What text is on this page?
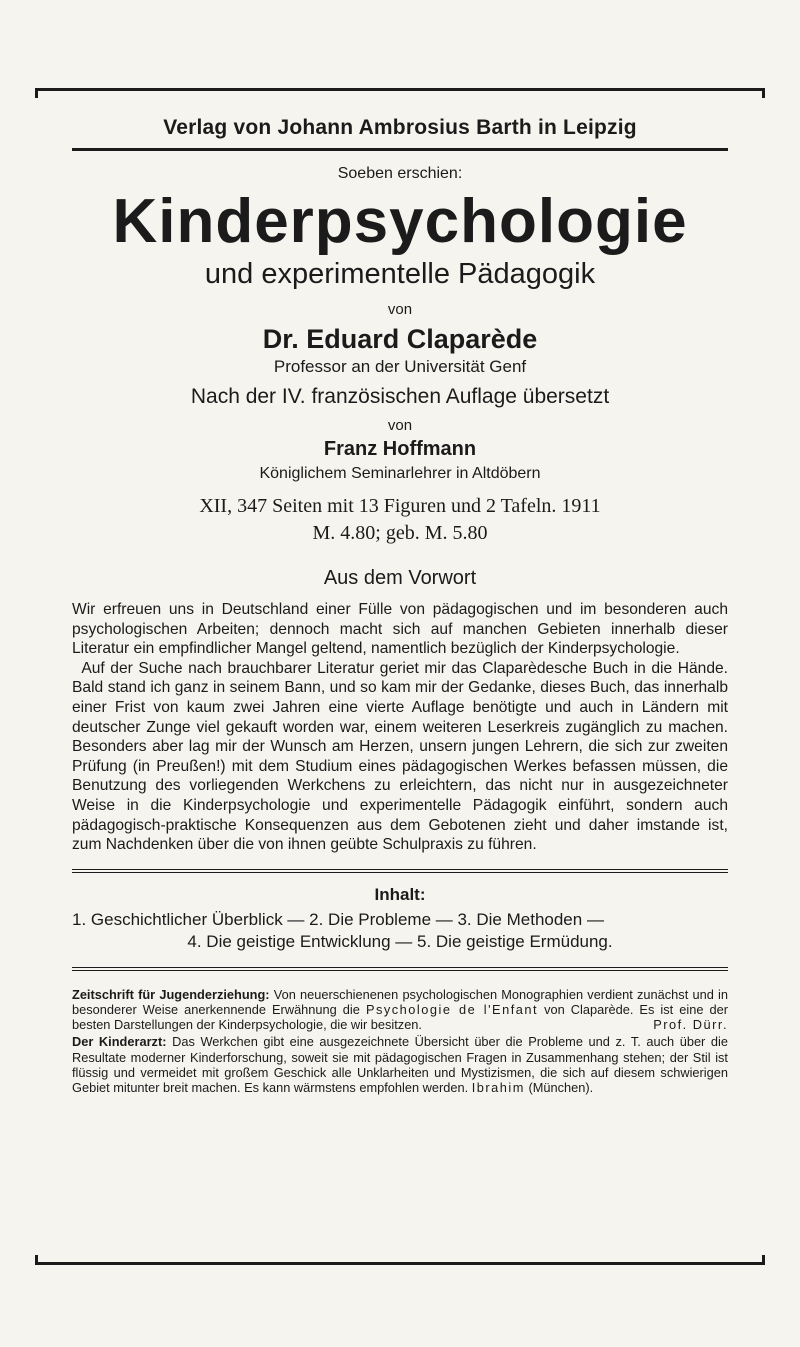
Verlag von Johann Ambrosius Barth in Leipzig
Soeben erschien:
Kinderpsychologie
und experimentelle Pädagogik
von
Dr. Eduard Claparède
Professor an der Universität Genf
Nach der IV. französischen Auflage übersetzt
von
Franz Hoffmann
Königlichem Seminarlehrer in Altdöbern
XII, 347 Seiten mit 13 Figuren und 2 Tafeln. 1911
M. 4.80; geb. M. 5.80
Aus dem Vorwort

Wir erfreuen uns in Deutschland einer Fülle von pädagogischen und im besonderen auch psychologischen Arbeiten; dennoch macht sich auf manchen Gebieten innerhalb dieser Literatur ein empfindlicher Mangel geltend, namentlich bezüglich der Kinderpsychologie.

Auf der Suche nach brauchbarer Literatur geriet mir das Claparèdesche Buch in die Hände. Bald stand ich ganz in seinem Bann, und so kam mir der Gedanke, dieses Buch, das innerhalb einer Frist von kaum zwei Jahren eine vierte Auflage benötigte und auch in Ländern mit deutscher Zunge viel gekauft worden war, einem weiteren Leserkreis zugänglich zu machen. Besonders aber lag mir der Wunsch am Herzen, unsern jungen Lehrern, die sich zur zweiten Prüfung (in Preußen!) mit dem Studium eines pädagogischen Werkes befassen müssen, die Benutzung des vorliegenden Werkchens zu erleichtern, das nicht nur in ausgezeichneter Weise in die Kinderpsychologie und experimentelle Pädagogik einführt, sondern auch pädagogisch-praktische Konsequenzen aus dem Gebotenen zieht und daher imstande ist, zum Nachdenken über die von ihnen geübte Schulpraxis zu führen.

Inhalt:
1. Geschichtlicher Überblick — 2. Die Probleme — 3. Die Methoden —
4. Die geistige Entwicklung — 5. Die geistige Ermüdung.

Zeitschrift für Jugenderziehung: Von neuerschienenen psychologischen Monographien verdient zunächst und in besonderer Weise anerkennende Erwähnung die Psychologie de l'Enfant von Claparède. Es ist eine der besten Darstellungen der Kinderpsychologie, die wir besitzen.	Prof. Dürr.

Der Kinderarzt: Das Werkchen gibt eine ausgezeichnete Übersicht über die Probleme und z. T. auch über die Resultate moderner Kinderforschung, soweit sie mit pädagogischen Fragen in Zusammenhang stehen; der Stil ist flüssig und vermeidet mit großem Geschick alle Unklarheiten und Mystizismen, die sich auf diesem schwierigen Gebiet mitunter breit machen. Es kann wärmstens empfohlen werden. Ibrahim (München).
